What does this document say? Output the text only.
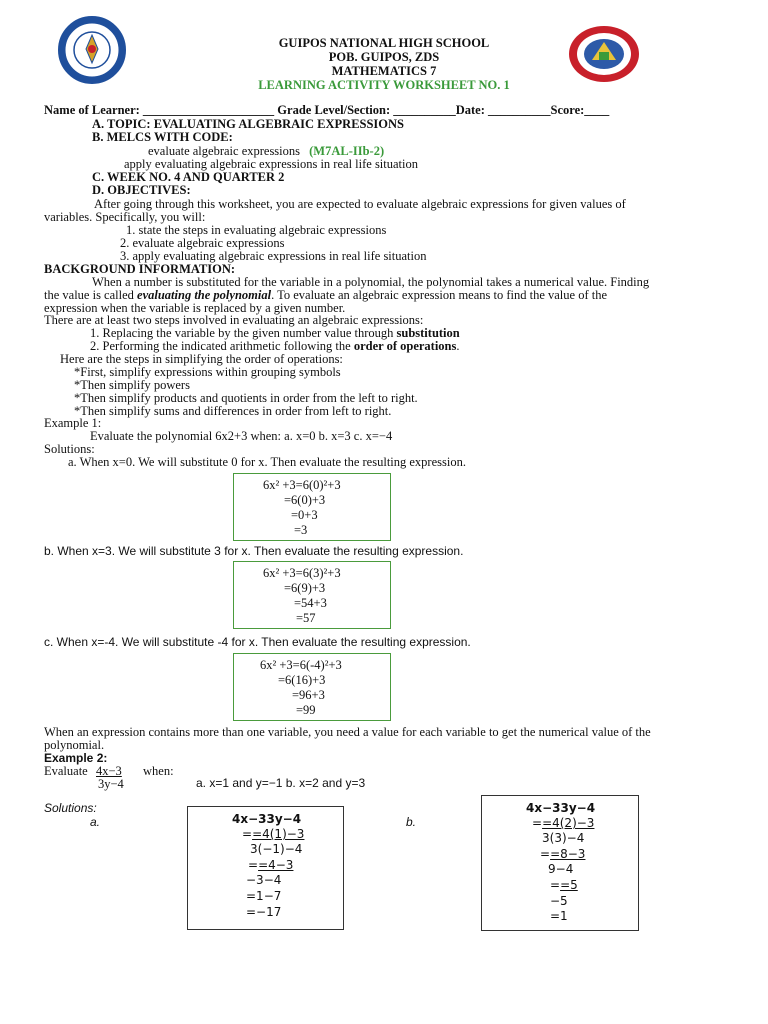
GUIPOS NATIONAL HIGH SCHOOL
POB. GUIPOS, ZDS
MATHEMATICS 7
LEARNING ACTIVITY WORKSHEET NO. 1
Name of Learner: _____________________ Grade Level/Section: __________Date: __________Score:____
A. TOPIC: EVALUATING ALGEBRAIC EXPRESSIONS
B. MELCS WITH CODE:
evaluate algebraic expressions (M7AL-IIb-2)
apply evaluating algebraic expressions in real life situation
C. WEEK NO. 4 AND QUARTER 2
D. OBJECTIVES:
After going through this worksheet, you are expected to evaluate algebraic expressions for given values of
variables. Specifically, you will:
1. state the steps in evaluating algebraic expressions
2. evaluate algebraic expressions
3. apply evaluating algebraic expressions in real life situation
BACKGROUND INFORMATION:
When a number is substituted for the variable in a polynomial, the polynomial takes a numerical value. Finding
the value is called evaluating the polynomial. To evaluate an algebraic expression means to find the value of the
expression when the variable is replaced by a given number.
There are at least two steps involved in evaluating an algebraic expressions:
1. Replacing the variable by the given number value through substitution
2. Performing the indicated arithmetic following the order of operations.
Here are the steps in simplifying the order of operations:
*First, simplify expressions within grouping symbols
*Then simplify powers
*Then simplify products and quotients in order from the left to right.
*Then simplify sums and differences in order from left to right.
Example 1:
Evaluate the polynomial 6x2+3 when: a. x=0 b. x=3 c. x=−4
Solutions:
a. When x=0. We will substitute 0 for x. Then evaluate the resulting expression.
6x² +3=6(0)²+3
=6(0)+3
=0+3
=3
b. When x=3. We will substitute 3 for x. Then evaluate the resulting expression.
6x² +3=6(3)²+3
=6(9)+3
=54+3
=57
c. When x=-4. We will substitute -4 for x. Then evaluate the resulting expression.
6x² +3=6(-4)²+3
=6(16)+3
=96+3
=99
When an expression contains more than one variable, you need a value for each variable to get the numerical value of the
polynomial.
Example 2:
Evaluate 4x−3
3y−4
when:
a. x=1 and y=−1 b. x=2 and y=3
Solutions:
a.	b.
4x−33y−4
==4(1)−3
3(−1)−4
==4−3
−3−4
=1−7
=−17
4x−33y−4
==4(2)−3
3(3)−4
==8−3
9−4
==5
−5
=1
